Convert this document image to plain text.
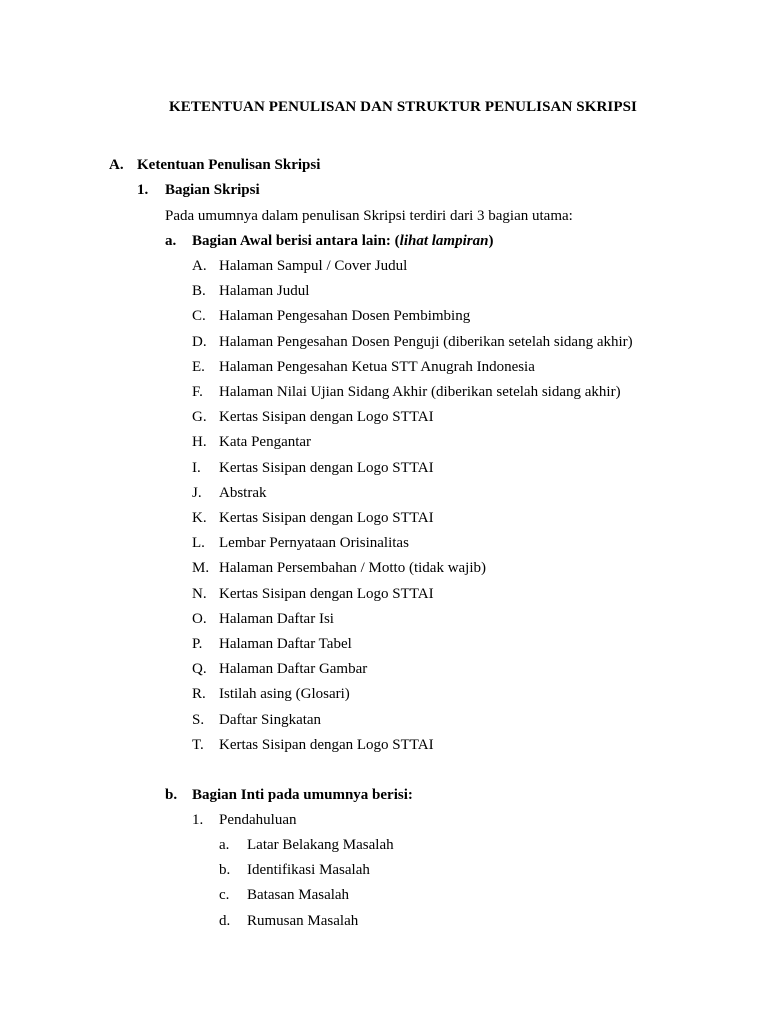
KETENTUAN PENULISAN DAN STRUKTUR PENULISAN SKRIPSI
A. Ketentuan Penulisan Skripsi
1. Bagian Skripsi
Pada umumnya dalam penulisan Skripsi terdiri dari 3 bagian utama:
a. Bagian Awal berisi antara lain: (lihat lampiran)
A. Halaman Sampul / Cover Judul
B. Halaman Judul
C. Halaman Pengesahan Dosen Pembimbing
D. Halaman Pengesahan Dosen Penguji (diberikan setelah sidang akhir)
E. Halaman Pengesahan Ketua STT Anugrah Indonesia
F. Halaman Nilai Ujian Sidang Akhir (diberikan setelah sidang akhir)
G. Kertas Sisipan dengan Logo STTAI
H. Kata Pengantar
I. Kertas Sisipan dengan Logo STTAI
J. Abstrak
K. Kertas Sisipan dengan Logo STTAI
L. Lembar Pernyataan Orisinalitas
M. Halaman Persembahan / Motto (tidak wajib)
N. Kertas Sisipan dengan Logo STTAI
O. Halaman Daftar Isi
P. Halaman Daftar Tabel
Q. Halaman Daftar Gambar
R. Istilah asing (Glosari)
S. Daftar Singkatan
T. Kertas Sisipan dengan Logo STTAI
b. Bagian Inti pada umumnya berisi:
1. Pendahuluan
a. Latar Belakang Masalah
b. Identifikasi Masalah
c. Batasan Masalah
d. Rumusan Masalah
